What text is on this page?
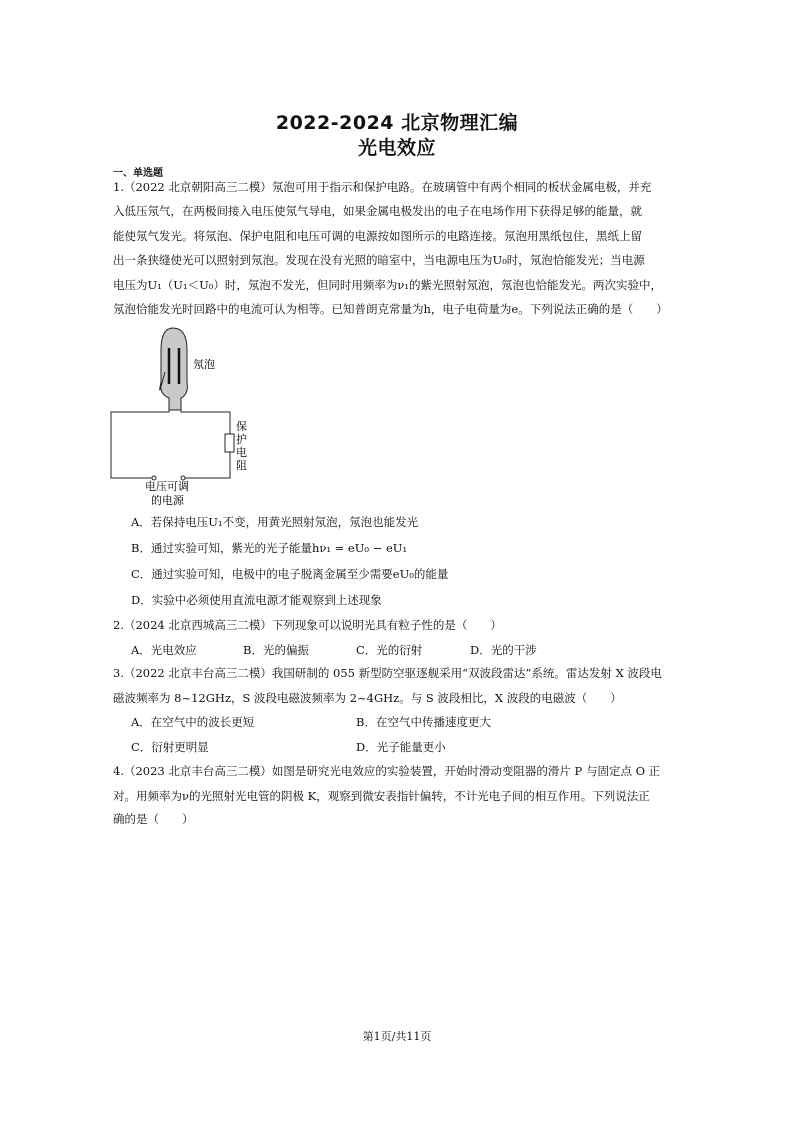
2022-2024 北京物理汇编
光电效应
一、单选题
1.（2022 北京朝阳高三二模）氖泡可用于指示和保护电路。在玻璃管中有两个相同的板状金属电极，并充
入低压氖气，在两极间接入电压使氖气导电，如果金属电极发出的电子在电场作用下获得足够的能量，就
能使氖气发光。将氖泡、保护电阻和电压可调的电源按如图所示的电路连接。氖泡用黑纸包住，黑纸上留
出一条狭缝使光可以照射到氖泡。发现在没有光照的暗室中，当电源电压为U₀时，氖泡恰能发光；当电源
电压为U₁（U₁＜U₀）时，氖泡不发光，但同时用频率为ν₁的紫光照射氖泡，氖泡也恰能发光。两次实验中，
氖泡恰能发光时回路中的电流可认为相等。已知普朗克常量为h，电子电荷量为e。下列说法正确的是（　　）
氖泡
保
护
电
阻
电压可调
的电源
A．若保持电压U₁不变，用黄光照射氖泡，氖泡也能发光
B．通过实验可知，紫光的光子能量hν₁ = eU₀ − eU₁
C．通过实验可知，电极中的电子脱离金属至少需要eU₀的能量
D．实验中必须使用直流电源才能观察到上述现象
2.（2024 北京西城高三二模）下列现象可以说明光具有粒子性的是（　　）
A．光电效应	B．光的偏振	C．光的衍射	D．光的干涉
3.（2022 北京丰台高三二模）我国研制的 055 新型防空驱逐舰采用“双波段雷达”系统。雷达发射 X 波段电
磁波频率为 8~12GHz，S 波段电磁波频率为 2~4GHz。与 S 波段相比，X 波段的电磁波（　　）
A．在空气中的波长更短	B．在空气中传播速度更大
C．衍射更明显	D．光子能量更小
4.（2023 北京丰台高三二模）如图是研究光电效应的实验装置，开始时滑动变阻器的滑片 P 与固定点 O 正
对。用频率为ν的光照射光电管的阴极 K，观察到微安表指针偏转，不计光电子间的相互作用。下列说法正
确的是（　　）
第1页/共11页
